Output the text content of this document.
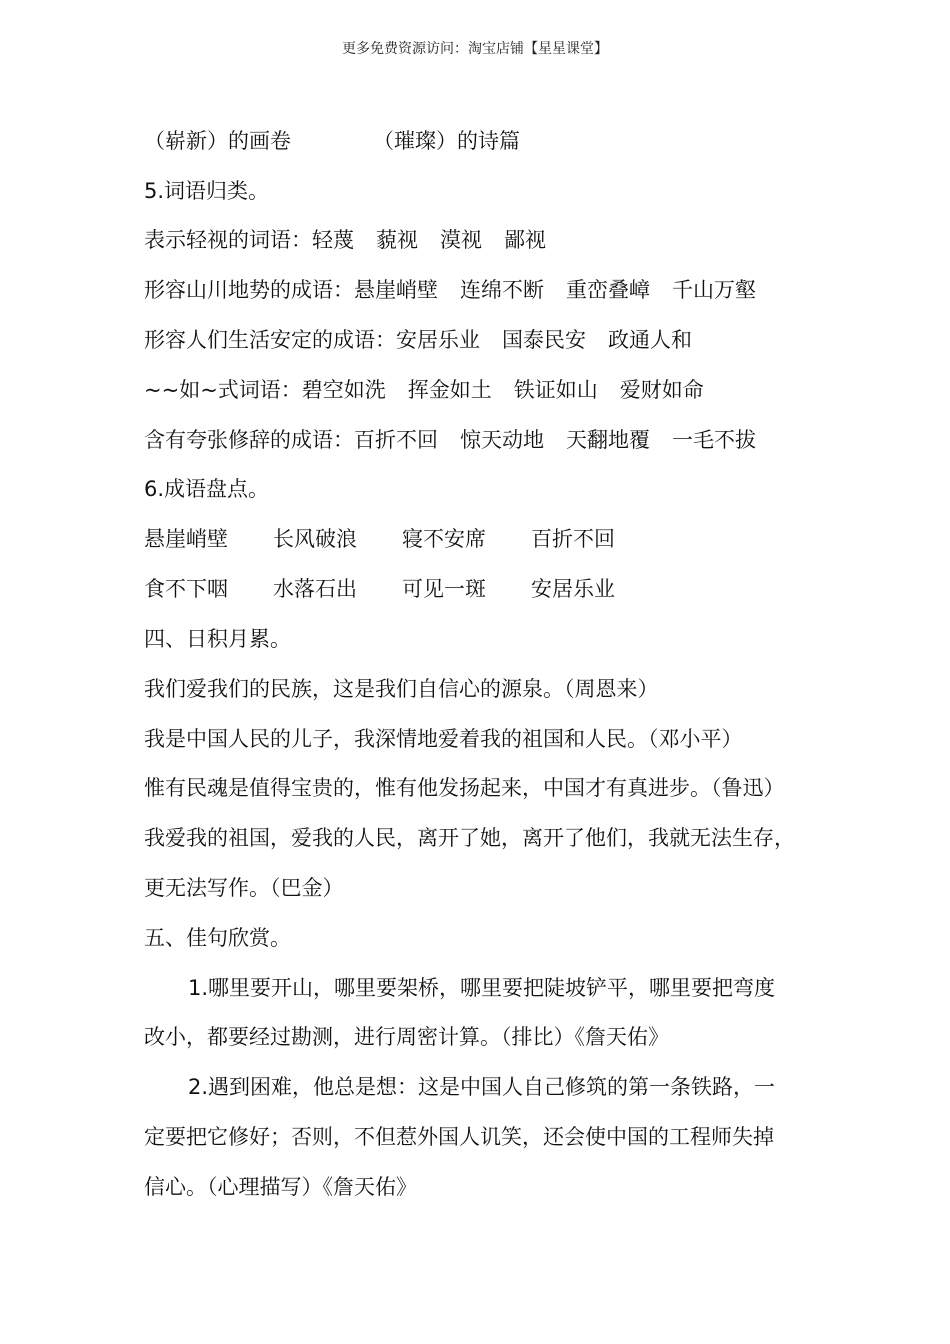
更多免费资源访问：淘宝店铺【星星课堂】
（崭新）的画卷	（璀璨）的诗篇
5.词语归类。
表示轻视的词语：轻蔑 藐视 漠视 鄙视
形容山川地势的成语：悬崖峭壁 连绵不断 重峦叠嶂 千山万壑
形容人们生活安定的成语：安居乐业 国泰民安 政通人和
~~如~式词语：碧空如洗 挥金如土 铁证如山 爱财如命
含有夸张修辞的成语：百折不回 惊天动地 天翻地覆 一毛不拔
6.成语盘点。
悬崖峭壁 长风破浪 寝不安席 百折不回
食不下咽 水落石出 可见一斑 安居乐业
四、日积月累。
我们爱我们的民族，这是我们自信心的源泉。（周恩来）
我是中国人民的儿子，我深情地爱着我的祖国和人民。（邓小平）
惟有民魂是值得宝贵的，惟有他发扬起来，中国才有真进步。（鲁迅）
我爱我的祖国，爱我的人民，离开了她，离开了他们，我就无法生存，
更无法写作。（巴金）
五、佳句欣赏。
1.哪里要开山，哪里要架桥，哪里要把陡坡铲平，哪里要把弯度
改小，都要经过勘测，进行周密计算。（排比）《詹天佑》
2.遇到困难，他总是想：这是中国人自己修筑的第一条铁路，一
定要把它修好；否则，不但惹外国人讥笑，还会使中国的工程师失掉
信心。（心理描写）《詹天佑》
